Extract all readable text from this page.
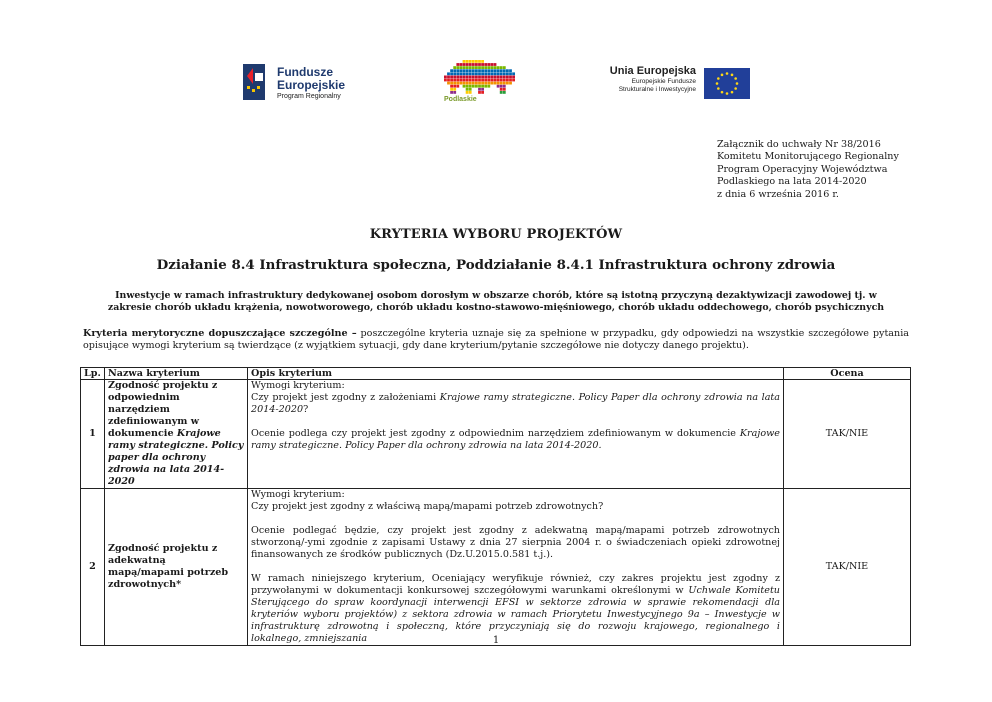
Fundusze
Europejskie
Program Regionalny	Podlaskie
Unia Europejska
Europejskie Fundusze
Strukturalne i Inwestycyjne
Załącznik do uchwały Nr 38/2016
Komitetu Monitorującego Regionalny
Program Operacyjny Województwa
Podlaskiego na lata 2014-2020
z dnia 6 września 2016 r.
KRYTERIA WYBORU PROJEKTÓW
Działanie 8.4 Infrastruktura społeczna, Poddziałanie 8.4.1 Infrastruktura ochrony zdrowia
Inwestycje w ramach infrastruktury dedykowanej osobom dorosłym w obszarze chorób, które są istotną przyczyną dezaktywizacji zawodowej tj. w zakresie chorób układu krążenia, nowotworowego, chorób układu kostno-stawowo-mięśniowego, chorób układu oddechowego, chorób psychicznych
Kryteria merytoryczne dopuszczające szczególne – poszczególne kryteria uznaje się za spełnione w przypadku, gdy odpowiedzi na wszystkie szczegółowe pytania opisujące wymogi kryterium są twierdzące (z wyjątkiem sytuacji, gdy dane kryterium/pytanie szczegółowe nie dotyczy danego projektu).
Lp.	Nazwa kryterium	Opis kryterium	Ocena
1	Zgodność projektu z odpowiednim narzędziem zdefiniowanym w dokumencie Krajowe ramy strategiczne. Policy paper dla ochrony zdrowia na lata 2014-2020	Wymogi kryterium:

Czy projekt jest zgodny z założeniami Krajowe ramy strategiczne. Policy Paper dla ochrony zdrowia na lata 2014-2020?

Ocenie podlega czy projekt jest zgodny z odpowiednim narzędziem zdefiniowanym w dokumencie Krajowe ramy strategiczne. Policy Paper dla ochrony zdrowia na lata 2014-2020.	TAK/NIE
2	Zgodność projektu z adekwatną mapą/mapami potrzeb zdrowotnych*	Wymogi kryterium:

Czy projekt jest zgodny z właściwą mapą/mapami potrzeb zdrowotnych?

Ocenie podlegać będzie, czy projekt jest zgodny z adekwatną mapą/mapami potrzeb zdrowotnych stworzoną/-ymi zgodnie z zapisami Ustawy z dnia 27 sierpnia 2004 r. o świadczeniach opieki zdrowotnej finansowanych ze środków publicznych (Dz.U.2015.0.581 t.j.).

W ramach niniejszego kryterium, Oceniający weryfikuje również, czy zakres projektu jest zgodny z przywołanymi w dokumentacji konkursowej szczegółowymi warunkami określonymi w Uchwale Komitetu Sterującego do spraw koordynacji interwencji EFSI w sektorze zdrowia w sprawie rekomendacji dla kryteriów wyboru projektów) z sektora zdrowia w ramach Priorytetu Inwestycyjnego 9a – Inwestycje w infrastrukturę zdrowotną i społeczną, które przyczyniają się do rozwoju krajowego, regionalnego i lokalnego, zmniejszania	TAK/NIE
1
